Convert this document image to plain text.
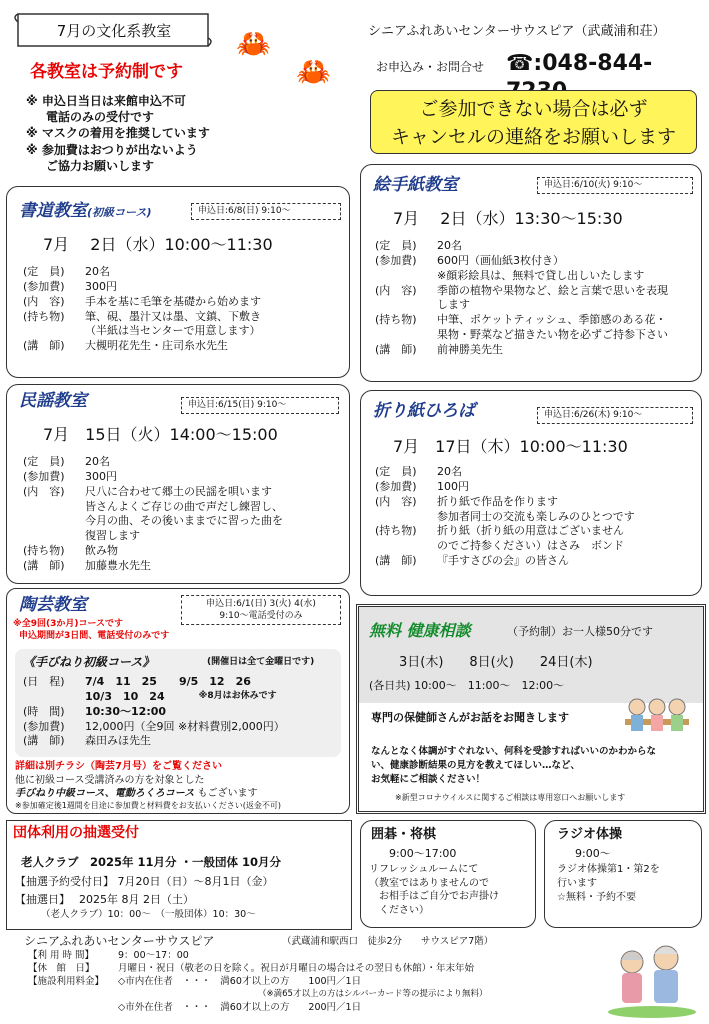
7月の文化系教室	🦀
🦀
シニアふれあいセンターサウスピア（武蔵浦和荘）
お申込み・お問合せ ☎:048-844-
各教室は予約制です
※ 申込日当日は来館申込不可
電話のみの受付です
※ マスクの着用を推奨しています
※ 参加費はおつりが出ないよう
ご協力お願いします
ご参加できない場合は必ず
キャンセルの連絡をお願いします
書道教室(初級コース)	申込日:6/8(日) 9:10〜
7月　 2日（水）10:00〜11:30
(定　員)	20名
(参加費)	300円
(内　容)	手本を基に毛筆を基礎から始めます
(持ち物)	筆、硯、墨汁又は墨、文鎮、下敷き
（半紙は当センターで用意します）
(講　師)	大槻明花先生・庄司糸水先生
民謡教室	申込日:6/15(日) 9:10〜
7月　15日（火）14:00〜15:00
(定　員)	20名
(参加費)	300円
(内　容)	尺八に合わせて郷土の民謡を唄います
皆さんよくご存じの曲で声だし練習し、
今月の曲、その後いままでに習った曲を
復習します
(持ち物)	飲み物
(講　師)	加藤豊水先生
陶芸教室	申込日:6/1(日) 3(火) 4(水)
9:10〜電話受付のみ
※全9回(3か月)コースです
申込期間が3日間、電話受付のみです
《手びねり初級コース》	(開催日は全て金曜日です)
(日　程)	7/4　11　25　　9/5　12　26
10/3　10　24	※8月はお休みです
(時　間)	10:30〜12:00
(参加費)	12,000円（全9回 ※材料費別2,000円）
(講　師)	森田みほ先生
詳細は別チラシ（陶芸7月号）をご覧ください
他に初級コース受講済みの方を対象とした
手びねり中級コース、電動ろくろコース もございます
※参加確定後1週間を目途に参加費と材料費をお支払いください(返金不可)
絵手紙教室	申込日:6/10(火) 9:10〜
7月　 2日（水）13:30〜15:30
(定　員)	20名
(参加費)	600円（画仙紙3枚付き）
※顔彩絵具は、無料で貸し出しいたします
(内　容)	季節の植物や果物など、絵と言葉で思いを表現
します
(持ち物)	中筆、ポケットティッシュ、季節感のある花・
果物・野菜など描きたい物を必ずご持参下さい
(講　師)	前神勝美先生
折り紙ひろば	申込日:6/26(木) 9:10〜
7月　17日（木）10:00〜11:30
(定　員)	20名
(参加費)	100円
(内　容)	折り紙で作品を作ります
参加者同士の交流も楽しみのひとつです
(持ち物)	折り紙（折り紙の用意はございません
のでご持参ください）はさみ　ボンド
(講　師)	『手すさびの会』の皆さん
無料 健康相談	（予約制）お一人様50分です
3日(木)　　8日(火)　　24日(木)
(各日共) 10:00〜　11:00〜　12:00〜
専門の保健師さんがお話をお聞きします
なんとなく体調がすぐれない、何科を受診すればいいのかわからな
い、健康診断結果の見方を教えてほしい…など、
お気軽にご相談ください！
※新型コロナウイルスに関するご相談は専用窓口へお願いします
団体利用の抽選受付
老人クラブ　2025年 11月分 ・一般団体 10月分
【抽選予約受付日】 7月20日（日）〜8月1日（金）
【抽選日】　 2025年 8月 2日（土）
（老人クラブ）10：00〜　（一般団体）10：30〜
囲碁・将棋
9:00〜17:00
リフレッシュルームにて
（教室ではありませんので
　お相手はご自分でお声掛け
　ください）
ラジオ体操
9:00〜
ラジオ体操第1・第2を
行います
☆無料・予約不要
シニアふれあいセンターサウスピア	（武蔵浦和駅西口　徒歩2分　　サウスピア7階）
【利 用 時 間】	9：00〜17：00
【休　館　日】	月曜日・祝日（敬老の日を除く。祝日が月曜日の場合はその翌日も休館）・年末年始
【施設利用料金】	◇市内在住者　・・・　満60才以上の方　　100円／1日
（※満65才以上の方はシルバーカード等の提示により無料）
◇市外在住者　・・・　満60才以上の方　　200円／1日
